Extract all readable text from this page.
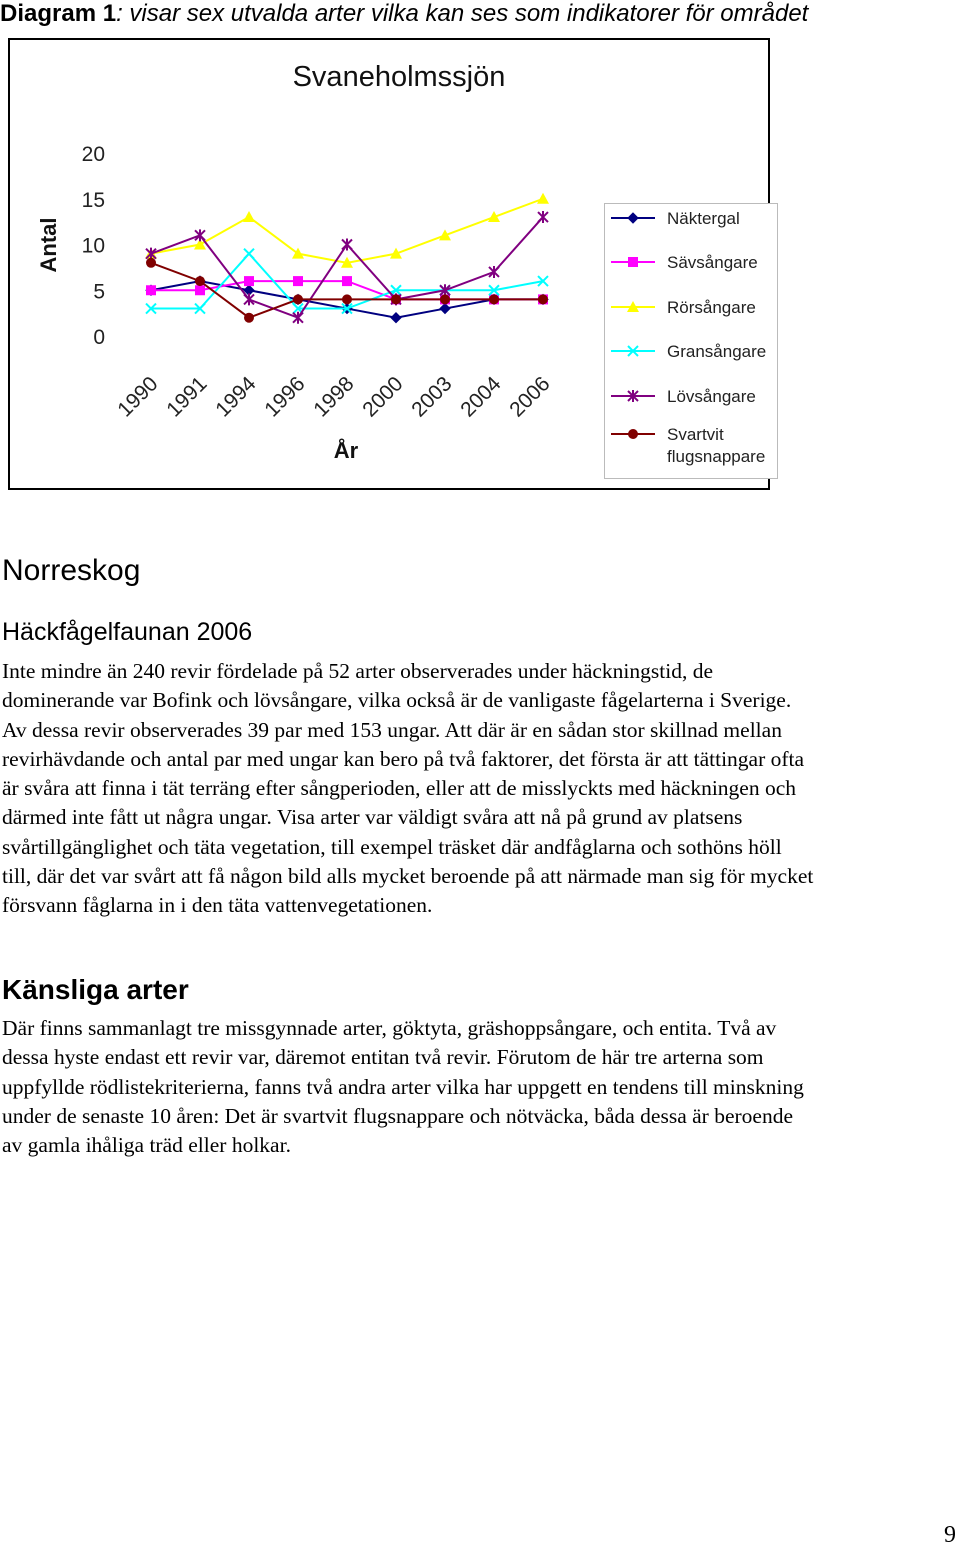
Diagram 1: visar sex utvalda arter vilka kan ses som indikatorer för området
Svaneholmssjön
Antal
0
5
10
15
20
1990 1991 1994 1996 1998 2000 2003 2004 2006
År
Näktergal
Sävsångare
Rörsångare
Gransångare
Lövsångare
Svartvit flugsnappare
Norreskog
Häckfågelfaunan 2006
Inte mindre än 240 revir fördelade på 52 arter observerades under häckningstid, de
dominerande var Bofink och lövsångare, vilka också är de vanligaste fågelarterna i Sverige.
Av dessa revir observerades 39 par med 153 ungar. Att där är en sådan stor skillnad mellan
revirhävdande och antal par med ungar kan bero på två faktorer, det första är att tättingar ofta
är svåra att finna i tät terräng efter sångperioden, eller att de misslyckts med häckningen och
därmed inte fått ut några ungar. Visa arter var väldigt svåra att nå på grund av platsens
svårtillgänglighet och täta vegetation, till exempel träsket där andfåglarna och sothöns höll
till, där det var svårt att få någon bild alls mycket beroende på att närmade man sig för mycket
försvann fåglarna in i den täta vattenvegetationen.
Känsliga arter
Där finns sammanlagt tre missgynnade arter, göktyta, gräshoppsångare, och entita. Två av
dessa hyste endast ett revir var, däremot entitan två revir. Förutom de här tre arterna som
uppfyllde rödlistekriterierna, fanns två andra arter vilka har uppgett en tendens till minskning
under de senaste 10 åren: Det är svartvit flugsnappare och nötväcka, båda dessa är beroende
av gamla ihåliga träd eller holkar.
9
